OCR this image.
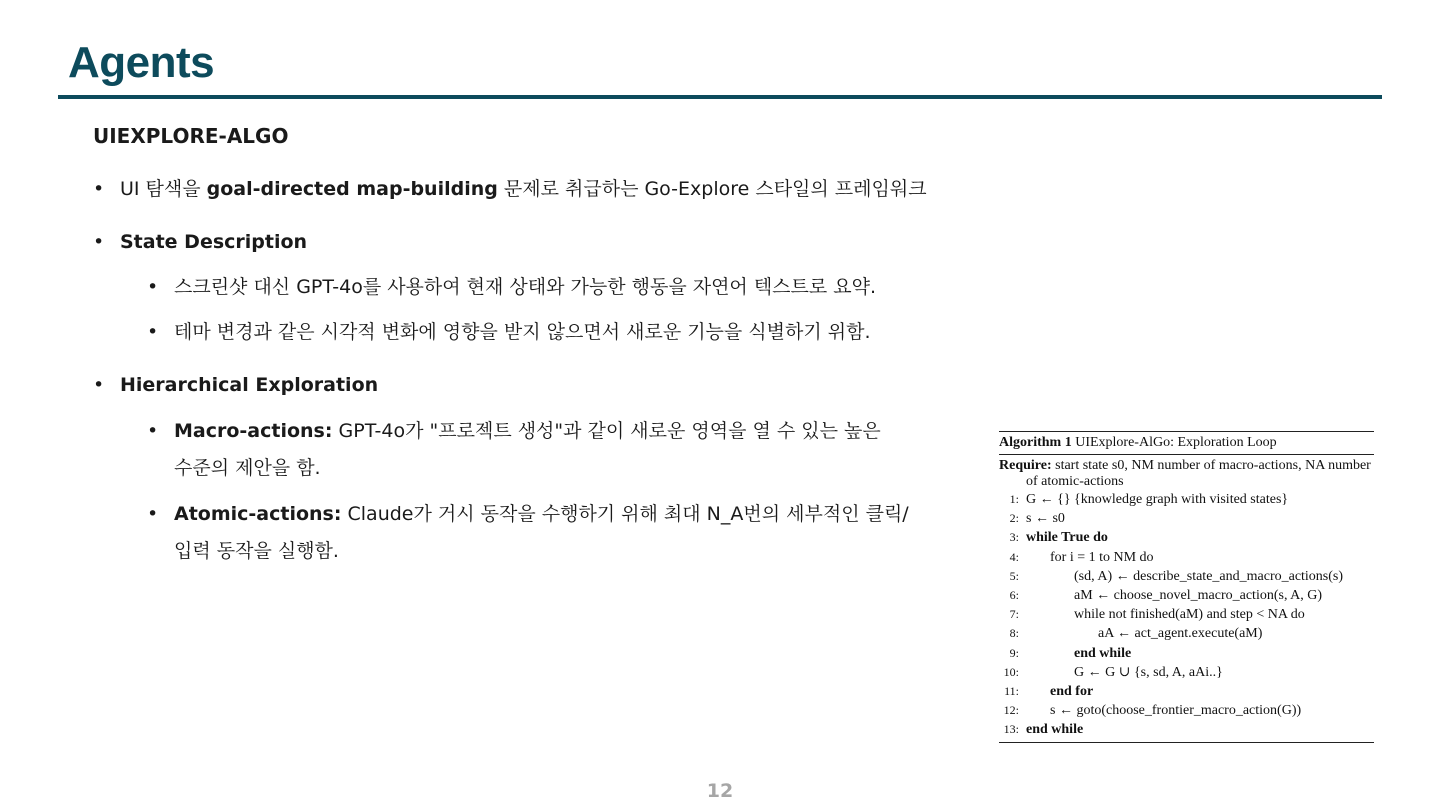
Agents
UIEXPLORE-ALGO
• UI 탐색을 goal-directed map-building 문제로 취급하는 Go-Explore 스타일의 프레임워크
• State Description
• 스크린샷 대신 GPT-4o를 사용하여 현재 상태와 가능한 행동을 자연어 텍스트로 요약.
• 테마 변경과 같은 시각적 변화에 영향을 받지 않으면서 새로운 기능을 식별하기 위함.
• Hierarchical Exploration
• Macro-actions: GPT-4o가 "프로젝트 생성"과 같이 새로운 영역을 열 수 있는 높은
수준의 제안을 함.
• Atomic-actions: Claude가 거시 동작을 수행하기 위해 최대 N_A번의 세부적인 클릭/
입력 동작을 실행함.
Algorithm 1 UIExplore-AlGo: Exploration Loop
Require: start state s0, NM number of macro-actions, NA number of atomic-actions
1: G ← {} {knowledge graph with visited states}
2: s ← s0
3: while True do
4: for i = 1 to NM do
5:	(sd, A) ← describe_state_and_macro_actions(s)
6:	aM ← choose_novel_macro_action(s, A, G)
7:	while not finished(aM) and step < NA do
8:	aA ← act_agent.execute(aM)
9:	end while
10:	G ← G ∪ {s, sd, A, aAi..}
11: end for
12: s ← goto(choose_frontier_macro_action(G))
13: end while
12
